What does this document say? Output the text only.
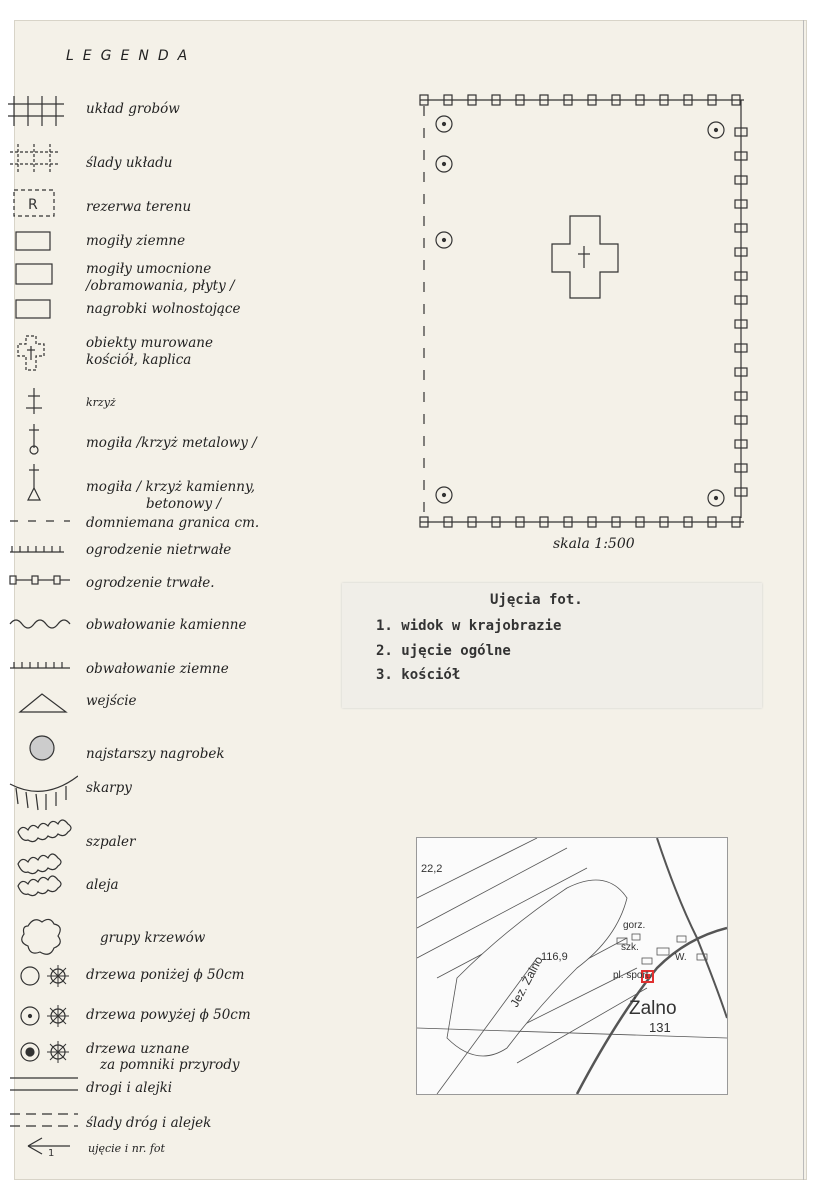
LEGENDA
R
1
układ grobów
ślady układu
rezerwa terenu
mogiły ziemne
mogiły umocnione
/obramowania, płyty /
nagrobki wolnostojące
obiekty murowane
kościół, kaplica
krzyż
mogiła /krzyż metalowy /
mogiła / krzyż kamienny,
betonowy /
domniemana granica cm.
ogrodzenie nietrwałe
ogrodzenie trwałe.
obwałowanie kamienne
obwałowanie ziemne
wejście
najstarszy nagrobek
skarpy
szpaler
aleja
grupy krzewów
drzewa poniżej ϕ 50cm
drzewa powyżej ϕ 50cm
drzewa uznane
za pomniki przyrody
drogi i alejki
ślady dróg i alejek
ujęcie i nr. fot
skala 1:500
Ujęcia fot.
1. widok w krajobrazie
2. ujęcie ogólne
3. kościół
22,2
116,9
131
Jez. Żalno	pl. sport.
szk.
gorz.
W.
Żalno
